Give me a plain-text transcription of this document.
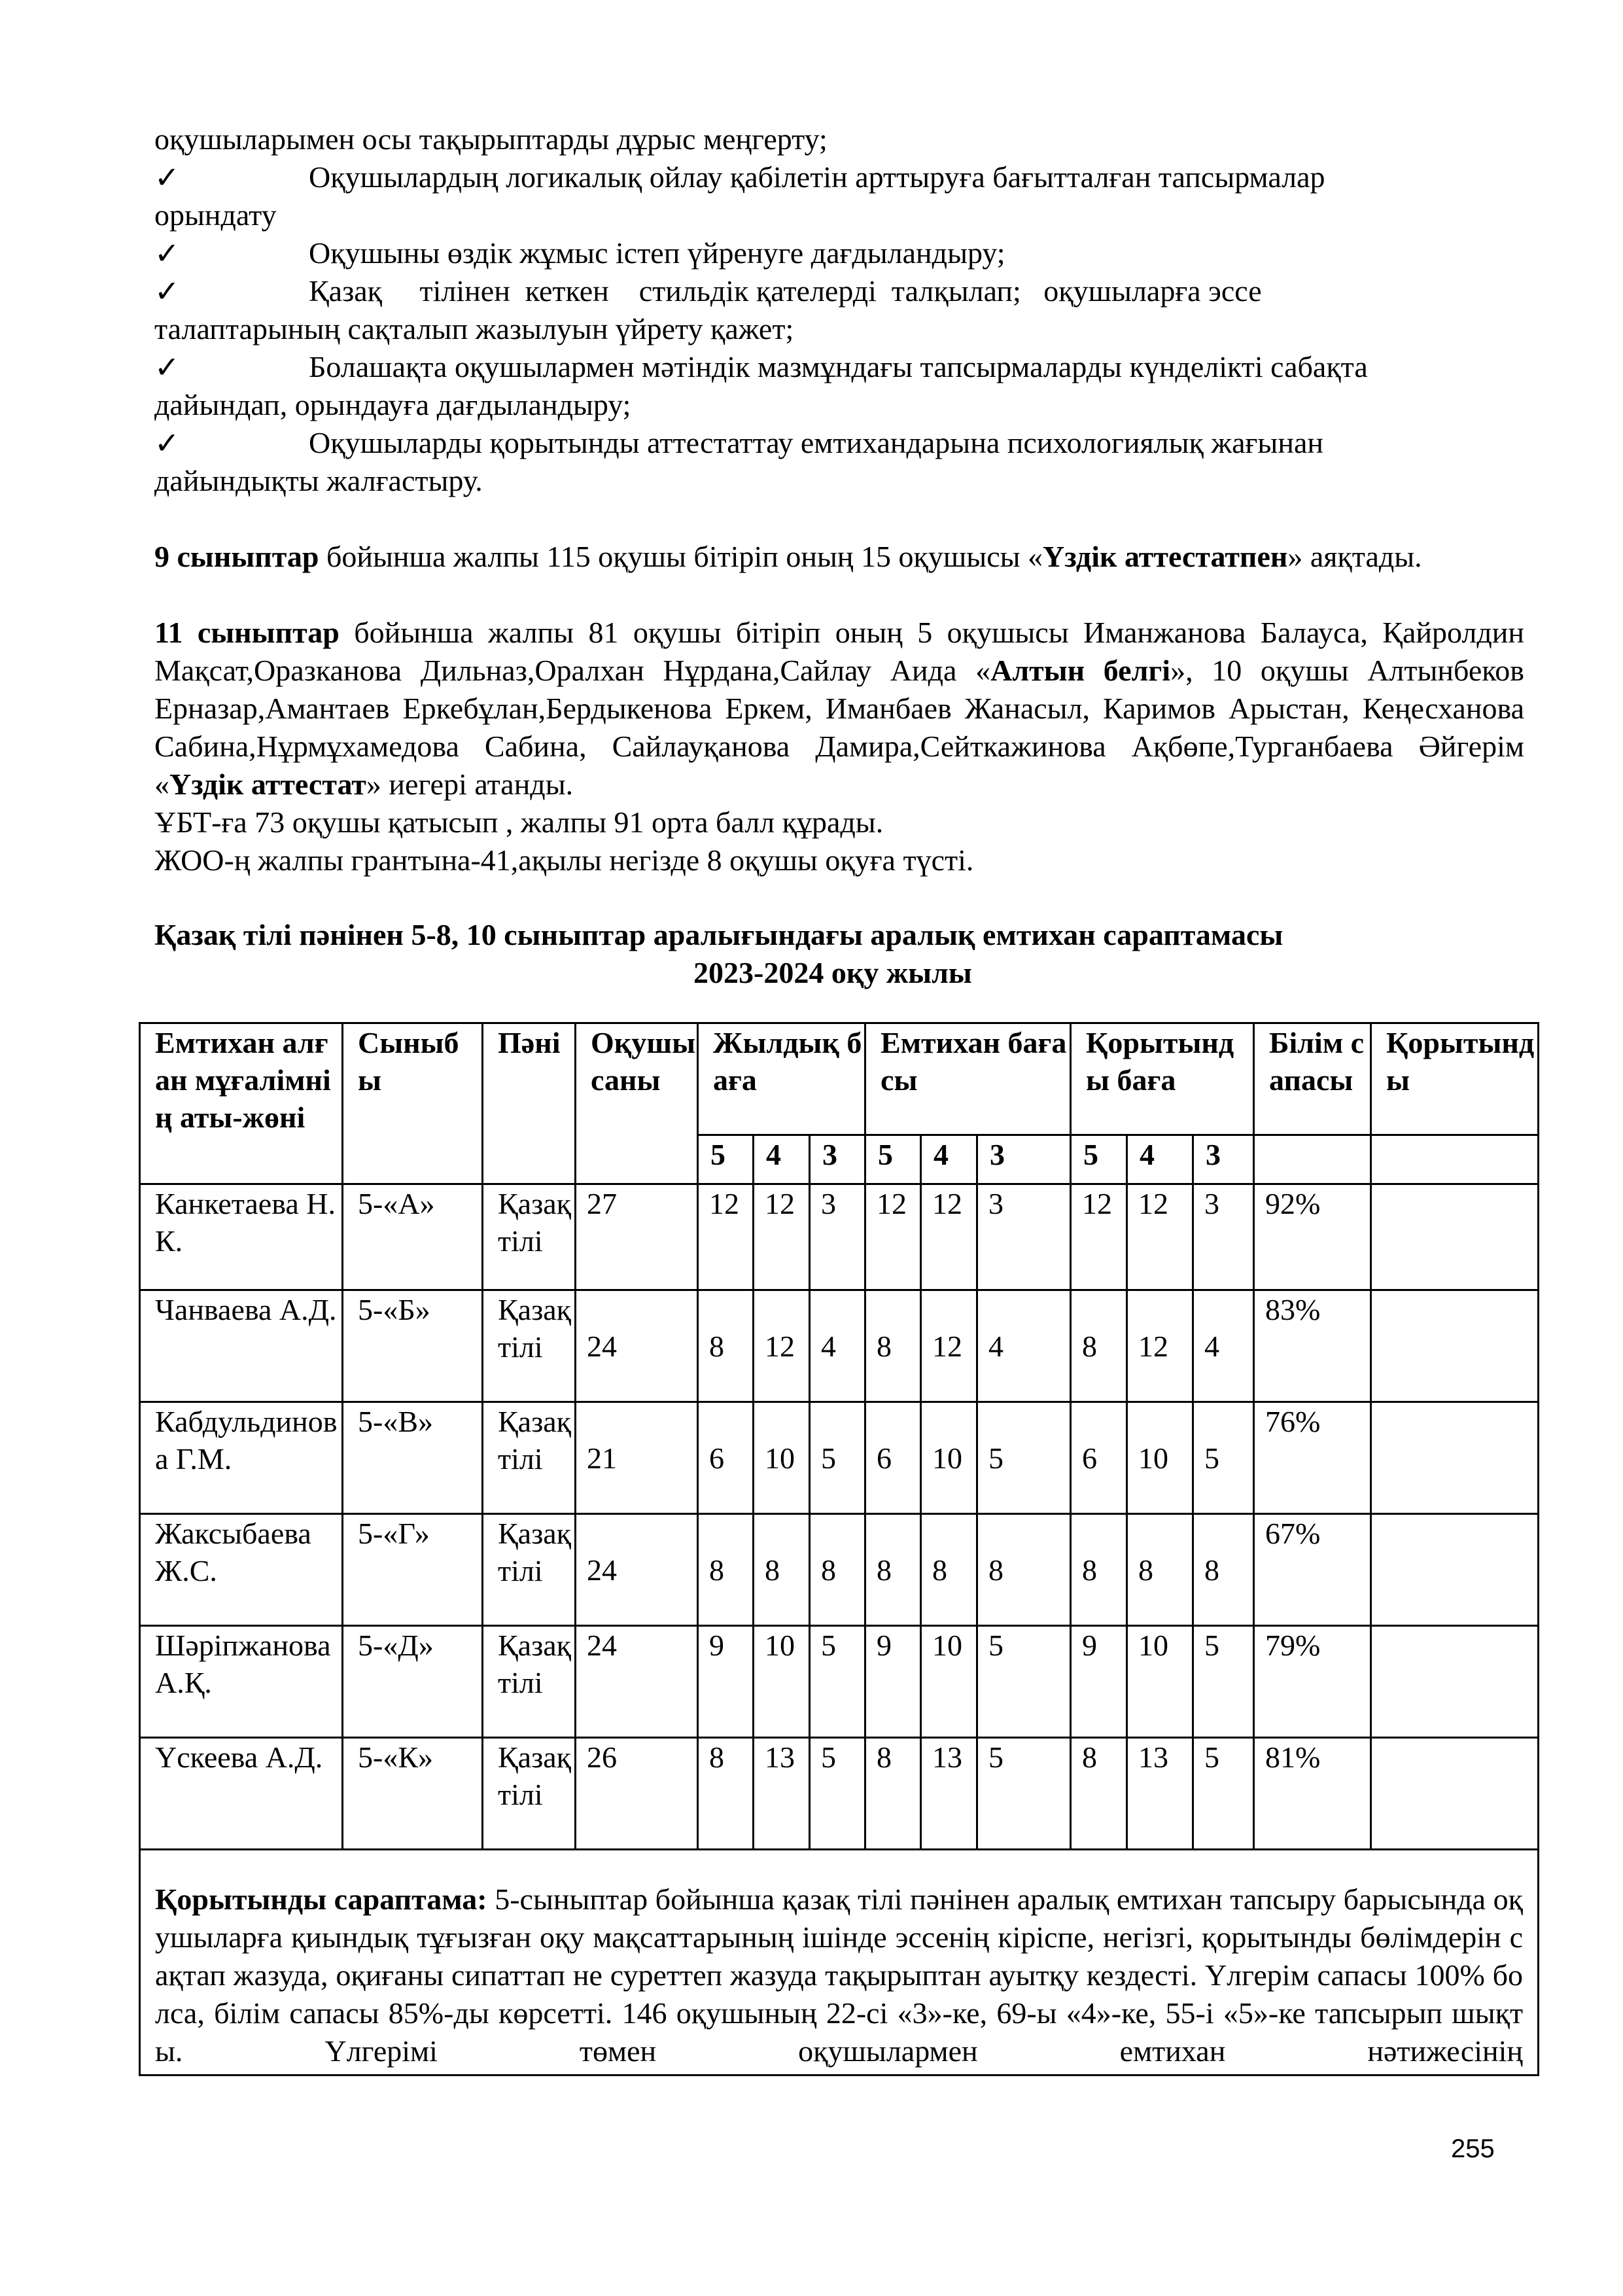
оқушыларымен осы тақырыптарды дұрыс меңгерту;
✓	Оқушылардың логикалық ойлау қабілетін арттыруға бағытталған тапсырмалар
орындату
✓	Оқушыны өздік жұмыс істеп үйренуге дағдыландыру;
✓	Қазақ     тілінен  кеткен    стильдік қателерді  талқылап;   оқушыларға эссе
талаптарының сақталып жазылуын үйрету қажет;
✓	Болашақта оқушылармен мәтіндік мазмұндағы тапсырмаларды күнделікті сабақта
дайындап, орындауға дағдыландыру;
✓	Оқушыларды қорытынды аттестаттау емтихандарына психологиялық жағынан
дайындықты жалғастыру.
9 сыныптар бойынша жалпы 115 оқушы бітіріп оның 15 оқушысы «Үздік аттестатпен» аяқтады.
11 сыныптар бойынша жалпы 81 оқушы бітіріп оның 5 оқушысы Иманжанова Балауса, Қайролдин Мақсат,Оразканова Дильназ,Оралхан Нұрдана,Сайлау Аида «Алтын белгі», 10 оқушы Алтынбеков Ерназар,Амантаев Еркебұлан,Бердыкенова Еркем, Иманбаев Жанасыл, Каримов Арыстан, Кеңесханова Сабина,Нұрмұхамедова Сабина, Сайлауқанова Дамира,Сейткажинова Ақбөпе,Турганбаева Әйгерім «Үздік аттестат» иегері атанды.
ҰБТ-ға 73 оқушы қатысып , жалпы 91 орта балл құрады.
ЖОО-ң жалпы грантына-41,ақылы негізде 8 оқушы оқуға түсті.
Қазақ тілі пәнінен 5-8, 10 сыныптар аралығындағы аралық емтихан сараптамасы
2023-2024 оқу жылы
Емтихан алған мұғалімнің аты-жөні	Сыныбы	Пәні	Оқушы саны	Жылдық баға			Емтихан бағасы			Қорытынды баға			Білім сапасы	Қорытынды
				5	4	3	5	4	3	5	4	3		
Канкетаева Н.К.	5-«А»	Қазақ тілі	27	12	12	3	12	12	3	12	12	3	92%	
Чанваева А.Д.	5-«Б»	Қазақ тілі	24	8	12	4	8	12	4	8	12	4	83%	
Кабдульдинова Г.М.	5-«В»	Қазақ тілі	21	6	10	5	6	10	5	6	10	5	76%	
Жаксыбаева Ж.С.	5-«Г»	Қазақ тілі	24	8	8	8	8	8	8	8	8	8	67%	
Шәріпжанова А.Қ.	5-«Д»	Қазақ тілі	24	9	10	5	9	10	5	9	10	5	79%	
Үскеева А.Д.	5-«К»	Қазақ тілі	26	8	13	5	8	13	5	8	13	5	81%	

Қорытынды сараптама: 5-сыныптар бойынша қазақ тілі пәнінен аралық емтихан тапсыру барысында оқушыларға қиындық тұғызған оқу мақсаттарының ішінде эссенің кіріспе, негізгі, қорытынды бөлімдерін сақтап жазуда, оқиғаны сипаттап не суреттеп жазуда тақырыптан ауытқу кездесті. Үлгерім сапасы 100% болса, білім сапасы 85%-ды көрсетті. 146 оқушының 22-сі «3»-ке, 69-ы «4»-ке, 55-і «5»-ке тапсырып шықты. Үлгерімі төмен оқушылармен емтихан нәтижесінің														
255
